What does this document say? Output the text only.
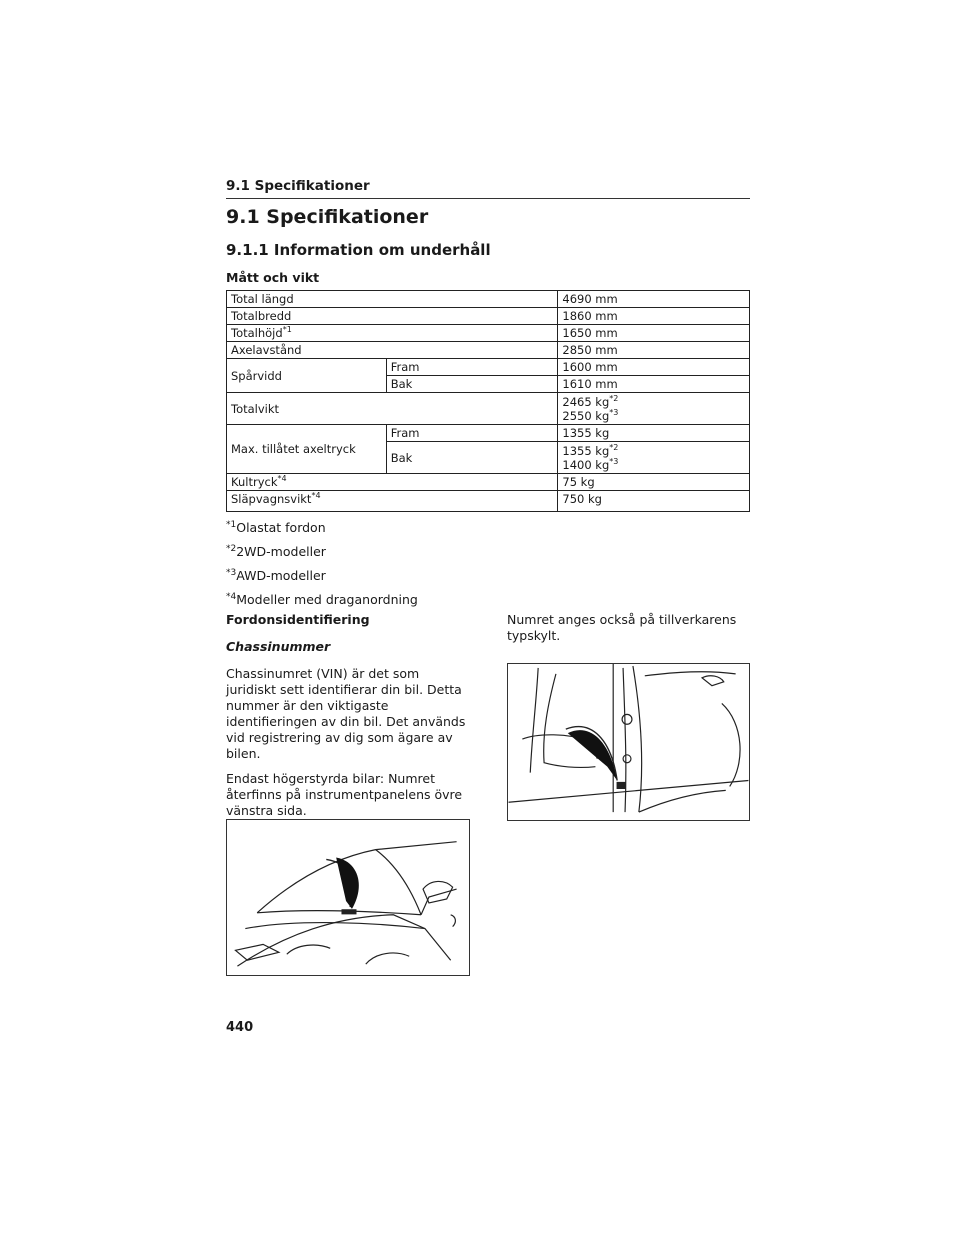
9.1 Specifikationer
9.1 Specifikationer
9.1.1 Information om underhåll
Mått och vikt
Total längd		4690 mm
Totalbredd		1860 mm
Totalhöjd$^{*1}$		1650 mm
Axelavstånd		2850 mm
Spårvidd	Fram	1600 mm
	Bak	1610 mm
Totalvikt		2465 $kg^{*2}$
2550 $kg^{*3}$

Max. tillåtet axeltryck	Fram	1355 kg
	Bak	1355 $kg^{*2}$
1400 $kg^{*3}$

Kultryck$^{*4}$		75 kg
Släpvagnsvikt$^{*4}$		750 kg
$^{*1}$Olastat fordon
$^{*2}$2WD-modeller
$^{*3}$AWD-modeller
$^{*4}$Modeller med draganordning
Fordonsidentifiering
Chassinummer

Chassinumret (VIN) är det som juridiskt sett identifierar din bil. Detta nummer är den viktigaste identifieringen av din bil. Det används vid registrering av dig som ägare av bilen.

Endast högerstyrda bilar: Numret återfinns på instrumentpanelens övre vänstra sida.

Numret anges också på tillverkarens typskylt.

440
